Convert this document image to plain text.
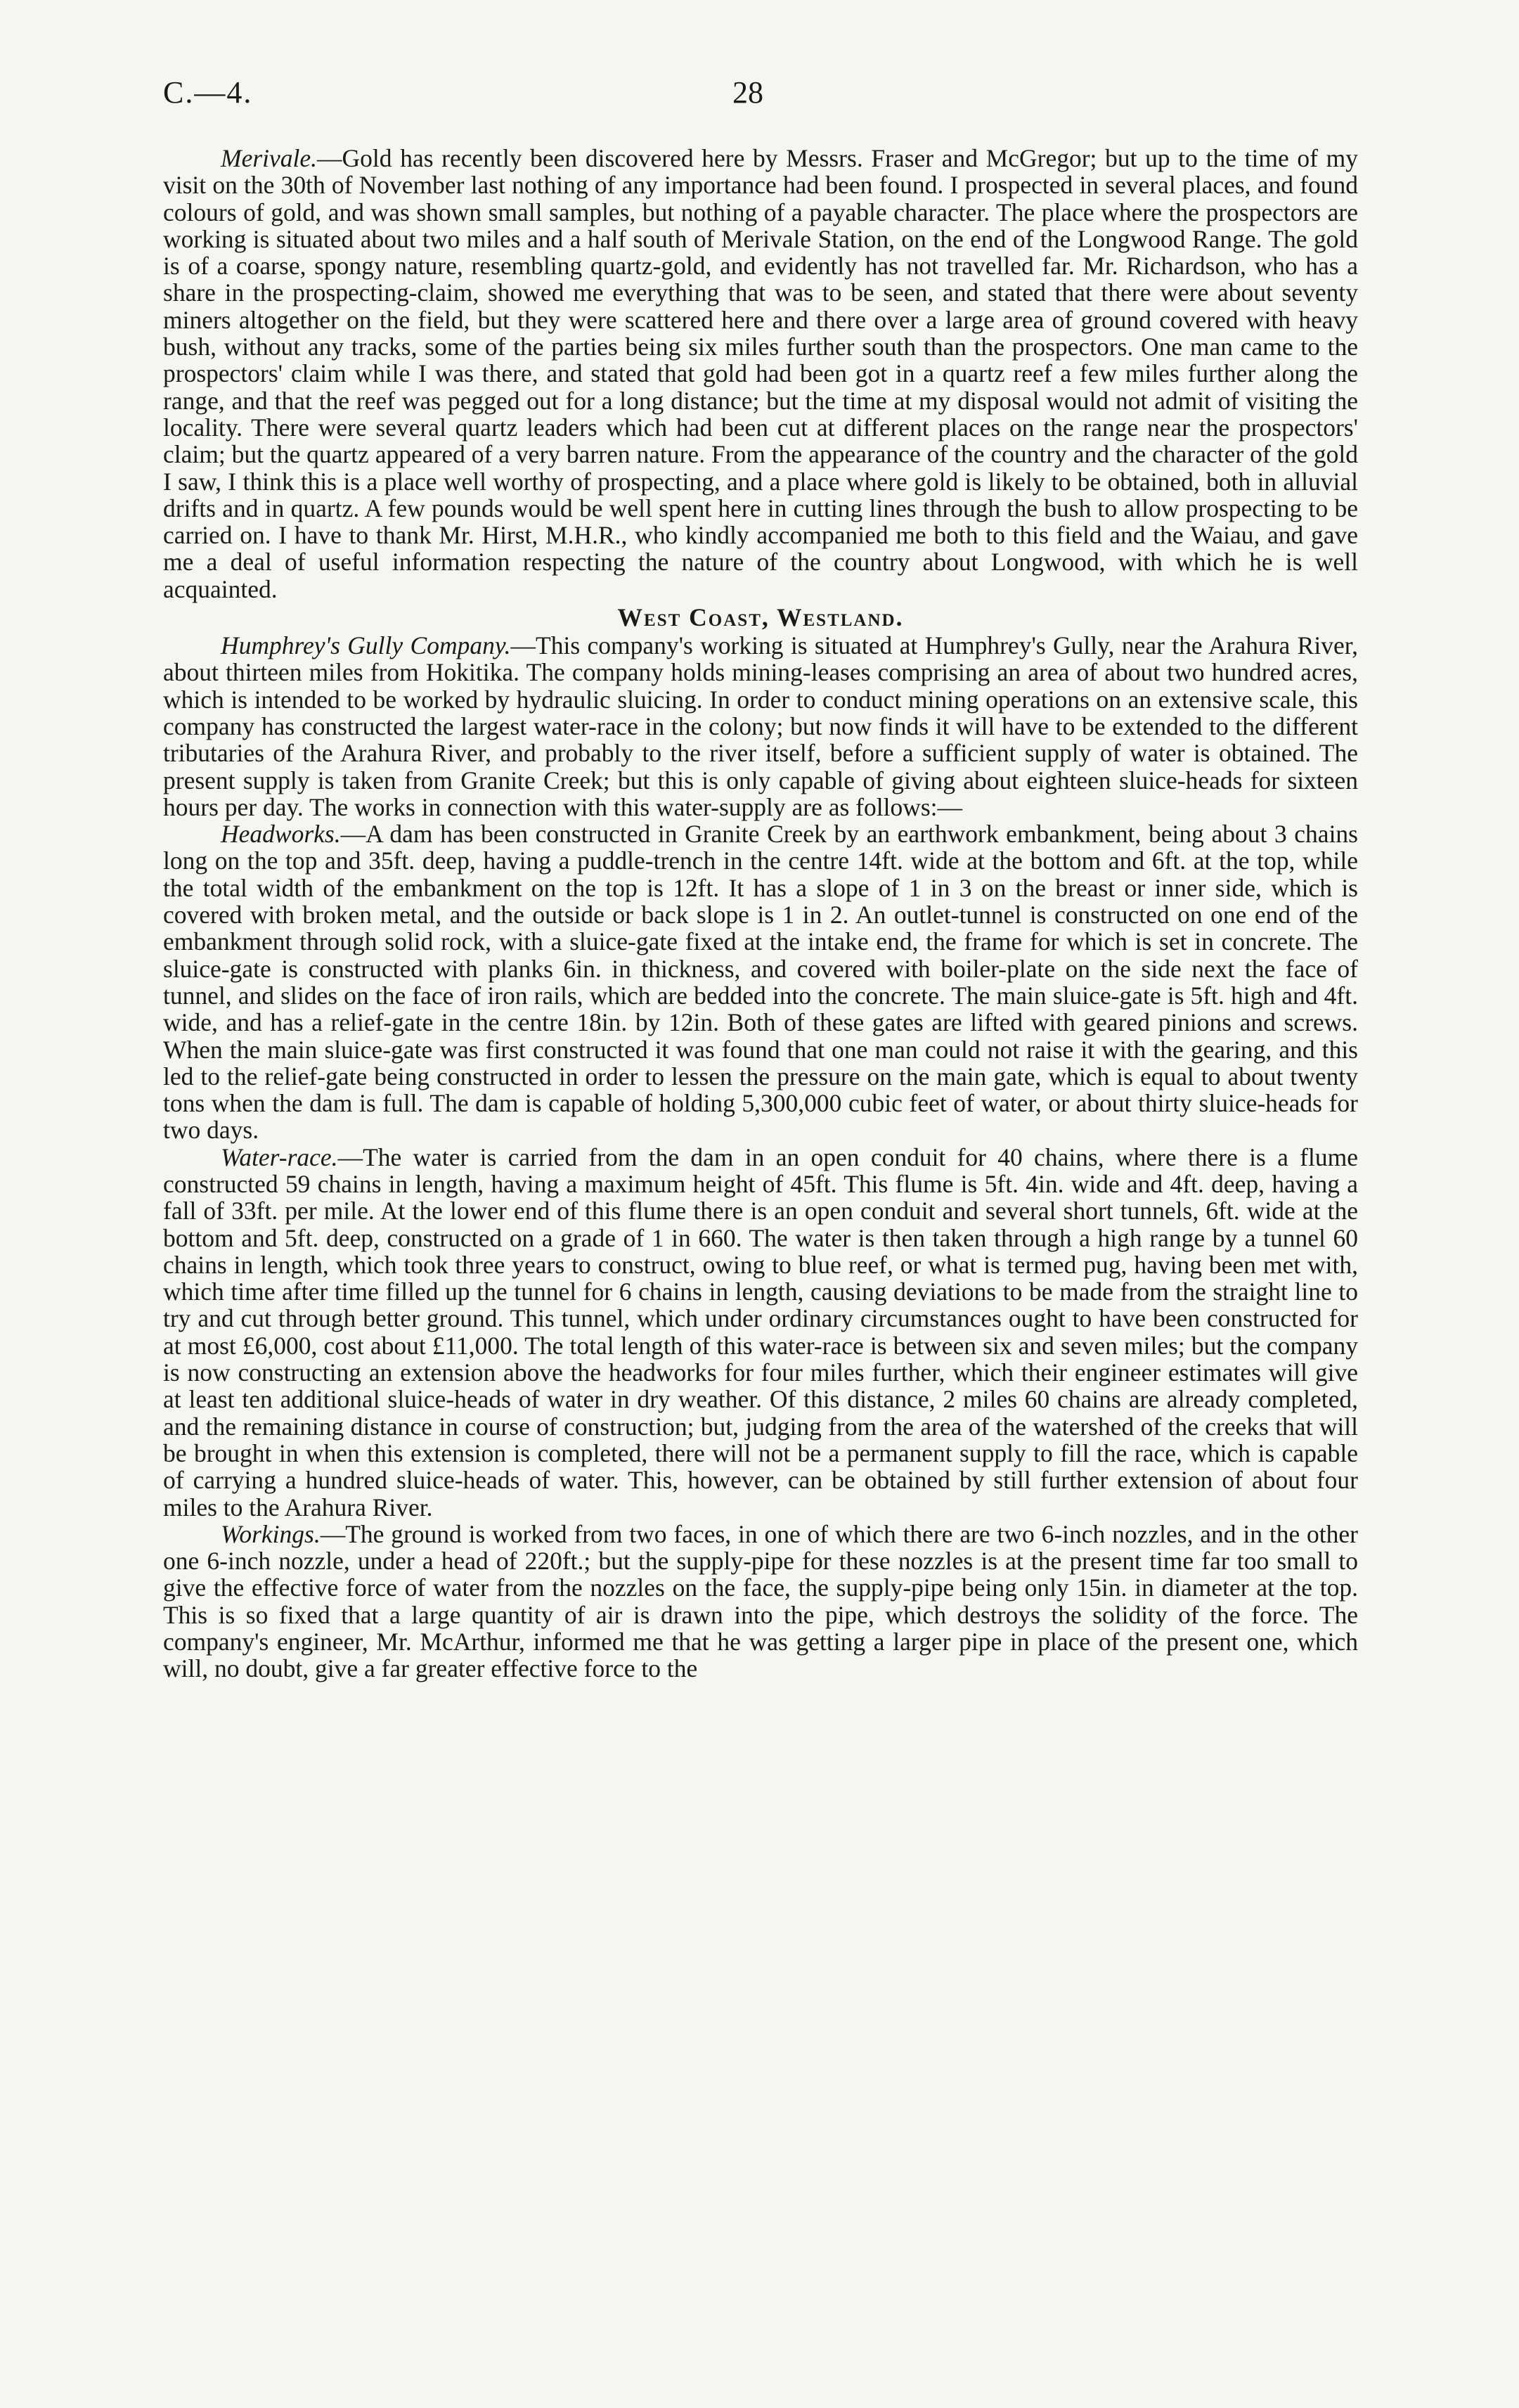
C.—4.	28

Merivale.—Gold has recently been discovered here by Messrs. Fraser and McGregor; but up to the time of my visit on the 30th of November last nothing of any importance had been found. I prospected in several places, and found colours of gold, and was shown small samples, but nothing of a payable character. The place where the prospectors are working is situated about two miles and a half south of Merivale Station, on the end of the Longwood Range. The gold is of a coarse, spongy nature, resembling quartz-gold, and evidently has not travelled far. Mr. Richardson, who has a share in the prospecting-claim, showed me everything that was to be seen, and stated that there were about seventy miners altogether on the field, but they were scattered here and there over a large area of ground covered with heavy bush, without any tracks, some of the parties being six miles further south than the prospectors. One man came to the prospectors' claim while I was there, and stated that gold had been got in a quartz reef a few miles further along the range, and that the reef was pegged out for a long distance; but the time at my disposal would not admit of visiting the locality. There were several quartz leaders which had been cut at different places on the range near the prospectors' claim; but the quartz appeared of a very barren nature. From the appearance of the country and the character of the gold I saw, I think this is a place well worthy of prospecting, and a place where gold is likely to be obtained, both in alluvial drifts and in quartz. A few pounds would be well spent here in cutting lines through the bush to allow prospecting to be carried on. I have to thank Mr. Hirst, M.H.R., who kindly accompanied me both to this field and the Waiau, and gave me a deal of useful information respecting the nature of the country about Longwood, with which he is well acquainted.

West Coast, Westland.

Humphrey's Gully Company.—This company's working is situated at Humphrey's Gully, near the Arahura River, about thirteen miles from Hokitika. The company holds mining-leases comprising an area of about two hundred acres, which is intended to be worked by hydraulic sluicing. In order to conduct mining operations on an extensive scale, this company has constructed the largest water-race in the colony; but now finds it will have to be extended to the different tributaries of the Arahura River, and probably to the river itself, before a sufficient supply of water is obtained. The present supply is taken from Granite Creek; but this is only capable of giving about eighteen sluice-heads for sixteen hours per day. The works in connection with this water-supply are as follows:—

Headworks.—A dam has been constructed in Granite Creek by an earthwork embankment, being about 3 chains long on the top and 35ft. deep, having a puddle-trench in the centre 14ft. wide at the bottom and 6ft. at the top, while the total width of the embankment on the top is 12ft. It has a slope of 1 in 3 on the breast or inner side, which is covered with broken metal, and the outside or back slope is 1 in 2. An outlet-tunnel is constructed on one end of the embankment through solid rock, with a sluice-gate fixed at the intake end, the frame for which is set in concrete. The sluice-gate is constructed with planks 6in. in thickness, and covered with boiler-plate on the side next the face of tunnel, and slides on the face of iron rails, which are bedded into the concrete. The main sluice-gate is 5ft. high and 4ft. wide, and has a relief-gate in the centre 18in. by 12in. Both of these gates are lifted with geared pinions and screws. When the main sluice-gate was first constructed it was found that one man could not raise it with the gearing, and this led to the relief-gate being constructed in order to lessen the pressure on the main gate, which is equal to about twenty tons when the dam is full. The dam is capable of holding 5,300,000 cubic feet of water, or about thirty sluice-heads for two days.

Water-race.—The water is carried from the dam in an open conduit for 40 chains, where there is a flume constructed 59 chains in length, having a maximum height of 45ft. This flume is 5ft. 4in. wide and 4ft. deep, having a fall of 33ft. per mile. At the lower end of this flume there is an open conduit and several short tunnels, 6ft. wide at the bottom and 5ft. deep, constructed on a grade of 1 in 660. The water is then taken through a high range by a tunnel 60 chains in length, which took three years to construct, owing to blue reef, or what is termed pug, having been met with, which time after time filled up the tunnel for 6 chains in length, causing deviations to be made from the straight line to try and cut through better ground. This tunnel, which under ordinary circumstances ought to have been constructed for at most £6,000, cost about £11,000. The total length of this water-race is between six and seven miles; but the company is now constructing an extension above the headworks for four miles further, which their engineer estimates will give at least ten additional sluice-heads of water in dry weather. Of this distance, 2 miles 60 chains are already completed, and the remaining distance in course of construction; but, judging from the area of the watershed of the creeks that will be brought in when this extension is completed, there will not be a permanent supply to fill the race, which is capable of carrying a hundred sluice-heads of water. This, however, can be obtained by still further extension of about four miles to the Arahura River.

Workings.—The ground is worked from two faces, in one of which there are two 6-inch nozzles, and in the other one 6-inch nozzle, under a head of 220ft.; but the supply-pipe for these nozzles is at the present time far too small to give the effective force of water from the nozzles on the face, the supply-pipe being only 15in. in diameter at the top. This is so fixed that a large quantity of air is drawn into the pipe, which destroys the solidity of the force. The company's engineer, Mr. McArthur, informed me that he was getting a larger pipe in place of the present one, which will, no doubt, give a far greater effective force to the
